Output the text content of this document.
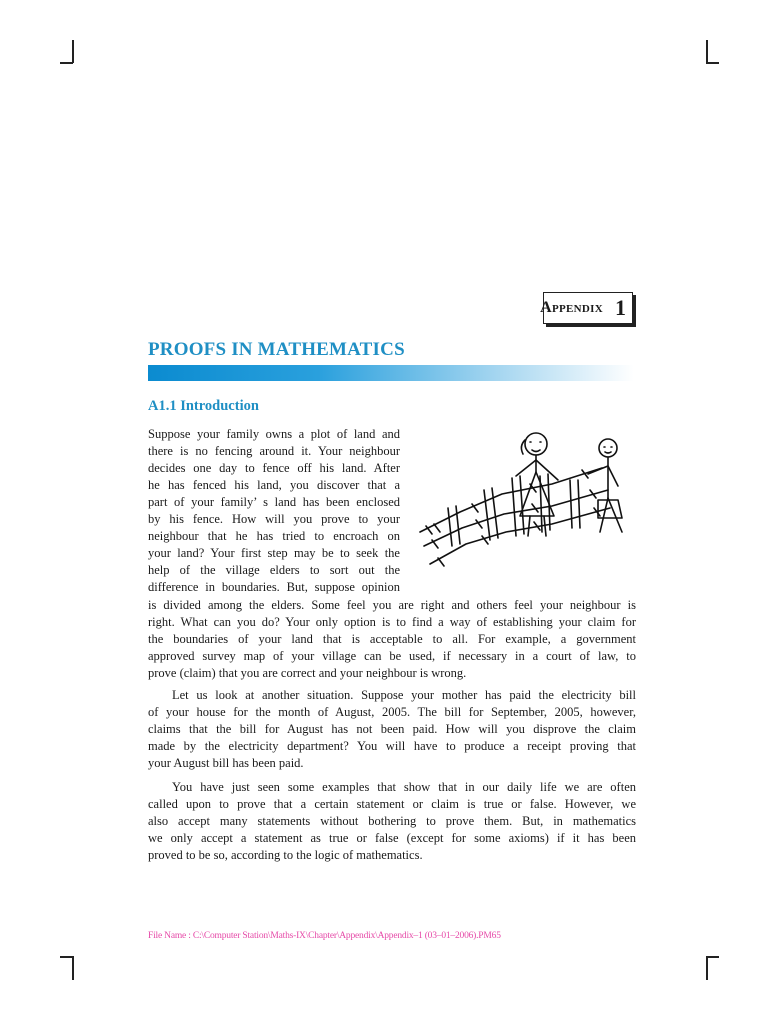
Appendix 1
PROOFS IN MATHEMATICS
A1.1 Introduction

Suppose your family owns a plot of land and
there is no fencing around it. Your neighbour
decides one day to fence off his land. After
he has fenced his land, you discover that a
part of your family’ s land has been enclosed
by his fence. How will you prove to your
neighbour that he has tried to encroach on
your land? Your first step may be to seek the
help of the village elders to sort out the
difference in boundaries. But, suppose opinion

is divided among the elders. Some feel you are right and others feel your neighbour is
right. What can you do? Your only option is to find a way of establishing your claim for
the boundaries of your land that is acceptable to all. For example, a government
approved survey map of your village can be used, if necessary in a court of law, to
prove (claim) that you are correct and your neighbour is wrong.

Let us look at another situation. Suppose your mother has paid the electricity bill
of your house for the month of August, 2005. The bill for September, 2005, however,
claims that the bill for August has not been paid. How will you disprove the claim
made by the electricity department? You will have to produce a receipt proving that
your August bill has been paid.

You have just seen some examples that show that in our daily life we are often
called upon to prove that a certain statement or claim is true or false. However, we
also accept many statements without bothering to prove them. But, in mathematics
we only accept a statement as true or false (except for some axioms) if it has been
proved to be so, according to the logic of mathematics.

File Name : C:\Computer Station\Maths-IX\Chapter\Appendix\Appendix–1 (03–01–2006).PM65
